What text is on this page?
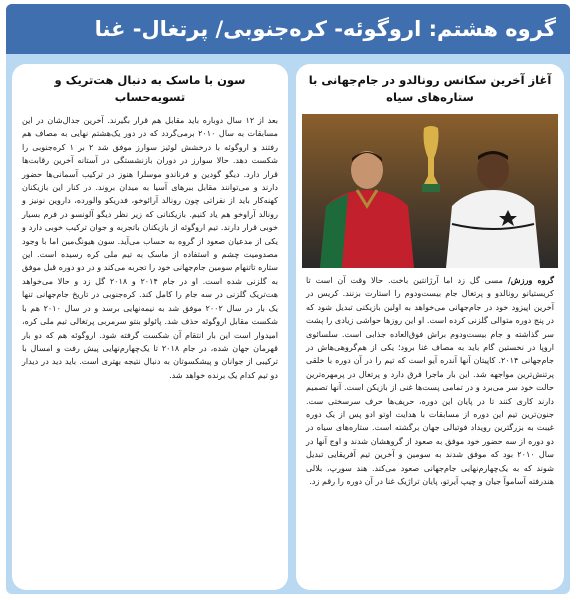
گروه هشتم: اروگوئه- کره‌جنوبی/ پرتغال- غنا
آغاز آخرین سکانس رونالدو در جام‌جهانی با ستاره‌های سیاه
گروه ورزش/ مسی گل زد اما آرژانتین باخت. حالا وقت آن است تا کریستیانو رونالدو و پرتغال جام بیست‌ودوم را استارت بزنند. کریس در آخرین اپیزود خود در جام‌جهانی می‌خواهد به اولین بازیکنی تبدیل شود که در پنج دوره متوالی گلزنی کرده است. او این روزها حواشی زیادی را پشت سر گذاشته و جام بیست‌ودوم براش فوق‌العاده جذابی است. سلسائوی اروپا در نخستین گام باید به مصاف غنا برود؛ یکی از هم‌گروهی‌هاش در جام‌جهانی ۲۰۱۴. کاپیتان آنها آندره آیو است که تیم را در آن دوره با خلقی پرتنش‌ترین مواجهه شد. این بار ماجرا فرق دارد و پرتغال در پرمهره‌ترین حالت خود سر می‌برد و در تمامی پست‌ها غنی از بازیکن است. آنها تصمیم دارند کاری کنند تا در پایان این دوره، حریف‌ها حرف سرسختی ست. جنون‌ترین تیم این دوره از مسابقات با هدایت اوتو ادو پس از یک دوره غیبت به بزرگترین رویداد فوتبالی جهان برگشته است. ستاره‌های سیاه در دو دوره از سه حضور خود موفق به صعود از گروهشان شدند و اوج آنها در سال ۲۰۱۰ بود که موفق شدند به سومین و آخرین تیم آفریقایی تبدیل شوند که به یک‌چهارم‌نهایی جام‌جهانی صعود می‌کند. هند سورپ، بلالی هندرفته آسامو‌آ جیان و چیپ آیرتو، پایان تراژیک غنا در آن دوره را رقم زد.
سون با ماسک به دنبال هت‌تریک و تسویه‌حساب
بعد از ۱۲ سال دوباره باید مقابل هم قرار بگیرند. آخرین جدال‌شان در این مسابقات به سال ۲۰۱۰ برمی‌گردد که در دور یک‌هشتم نهایی به مصاف هم رفتند و اروگوئه با درخشش لوئیز سوارز موفق شد ۲ بر ۱ کره‌جنوبی را شکست دهد. حالا سوارز در دوران بازنشستگی در آستانه آخرین رقابت‌ها قرار دارد. دیگو گودین و فرناندو موسلرا هنوز در ترکیب آسمانی‌ها حضور دارند و می‌توانند مقابل ببرهای آسیا به میدان بروند. در کنار این بازیکنان کهنه‌کار باید از نفراتی چون رونالد آرائوخو، فدریکو والورده، داروین نونیز و رونالد آراوخو هم یاد کنیم. بازیکنانی که زیر نظر دیگو آلونسو در فرم بسیار خوبی قرار دارند. تیم اروگوئه از بازیکنان باتجربه و جوان ترکیب خوبی دارد و یکی از مدعیان صعود از گروه به حساب می‌آید. سون هیونگ‌مین اما با وجود مصدومیت چشم و استفاده از ماسک به تیم ملی کره رسیده است. این ستاره تاتنهام سومین جام‌جهانی خود را تجربه می‌کند و در دو دوره قبل موفق به گلزنی شده است. او در جام ۲۰۱۴ و ۲۰۱۸ گل زد و حالا می‌خواهد هت‌تریک گلزنی در سه جام را کامل کند. کره‌جنوبی در تاریخ جام‌جهانی تنها یک بار در سال ۲۰۰۲ موفق شد به نیمه‌نهایی برسد و در سال ۲۰۱۰ هم با شکست مقابل اروگوئه حذف شد. پائولو بنتو سرمربی پرتغالی تیم ملی کره، امیدوار است این بار انتقام آن شکست گرفته شود. اروگوئه هم که دو بار قهرمان جهان شده، در جام ۲۰۱۸ تا یک‌چهارم‌نهایی پیش رفت و امسال با ترکیبی از جوانان و پیشکسوتان به دنبال نتیجه بهتری است. باید دید در دیدار دو تیم کدام یک برنده خواهد شد.
